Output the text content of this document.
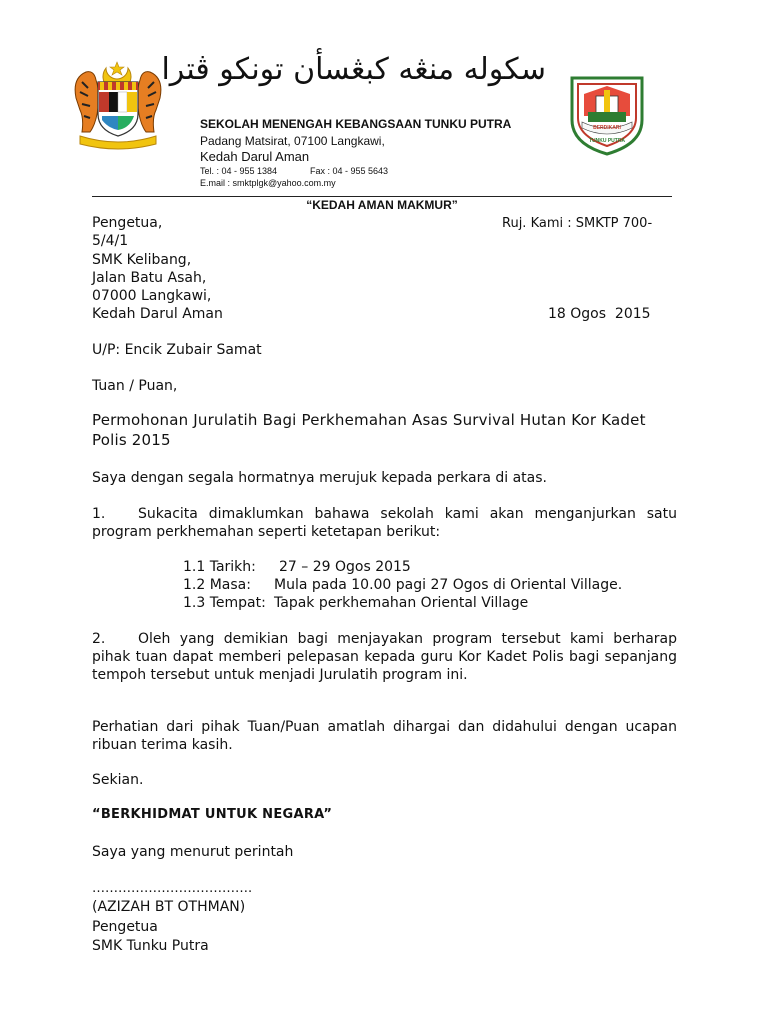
سکوله منڠه کبڠسأن تونکو ڤترا
SEKOLAH MENENGAH KEBANGSAAN TUNKU PUTRA
Padang Matsirat, 07100 Langkawi,
Kedah Darul Aman
Tel. : 04 - 955 1384	Fax : 04 - 955 5643
E.mail : smktplgk@yahoo.com.my
BERDIKARI
TUNKU PUTRA
“KEDAH AMAN MAKMUR”
Pengetua,	Ruj. Kami : SMKTP 700-
5/4/1
SMK Kelibang,
Jalan Batu Asah,
07000 Langkawi,
Kedah Darul Aman	18 Ogos  2015
U/P: Encik Zubair Samat
Tuan / Puan,
Permohonan Jurulatih Bagi Perkhemahan Asas Survival Hutan Kor Kadet Polis 2015
Saya dengan segala hormatnya merujuk kepada perkara di atas.
1. Sukacita dimaklumkan bahawa sekolah kami akan menganjurkan satu program perkhemahan seperti ketetapan berikut:
1.1 Tarikh: 27 – 29 Ogos 2015
1.2 Masa: Mula pada 10.00 pagi 27 Ogos di Oriental Village.
1.3 Tempat: Tapak perkhemahan Oriental Village
2. Oleh yang demikian bagi menjayakan program tersebut kami berharap pihak tuan dapat memberi pelepasan kepada guru Kor Kadet Polis bagi sepanjang tempoh tersebut untuk menjadi Jurulatih program ini.
Perhatian dari pihak Tuan/Puan amatlah dihargai dan didahului dengan ucapan ribuan terima kasih.
Sekian.
“BERKHIDMAT UNTUK NEGARA”
Saya yang menurut perintah
……………………………….
(AZIZAH BT OTHMAN)
Pengetua
SMK Tunku Putra
